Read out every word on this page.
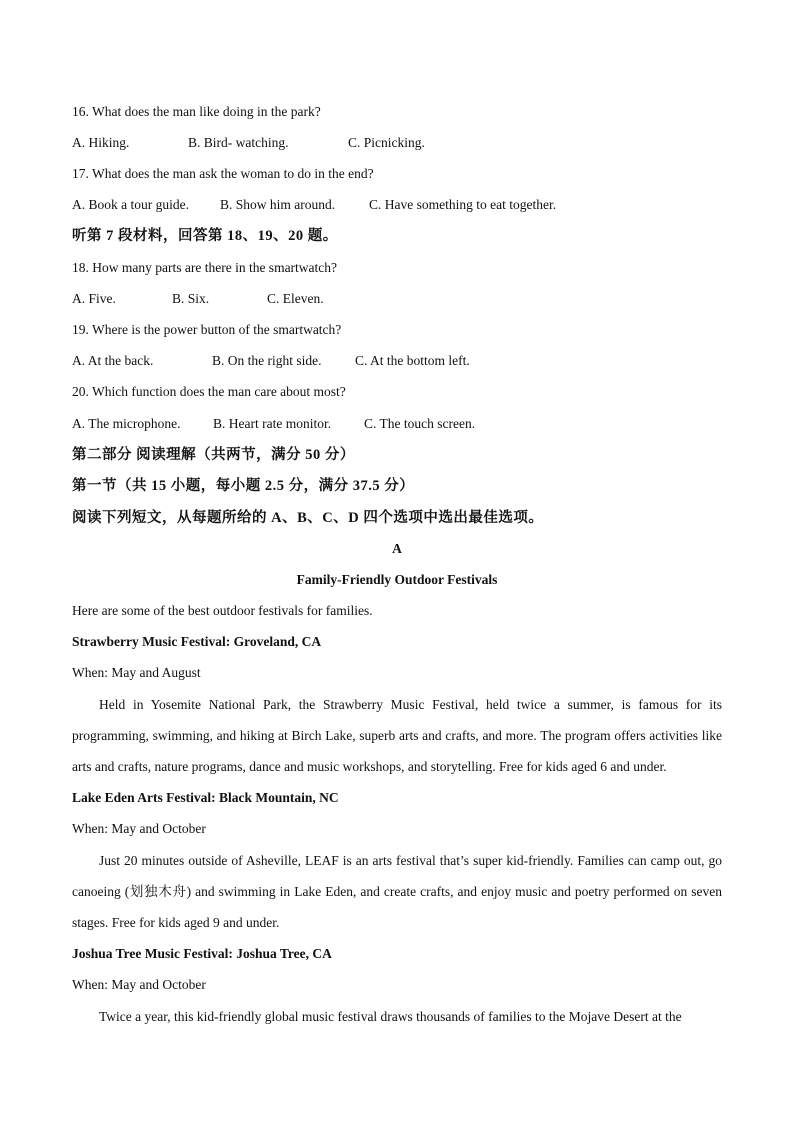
16. What does the man like doing in the park?
A. Hiking.	B. Bird- watching.	C. Picnicking.
17. What does the man ask the woman to do in the end?
A. Book a tour guide. B. Show him around.	C. Have something to eat together.
听第 7 段材料，回答第 18、19、20 题。
18. How many parts are there in the smartwatch?
A. Five.	B. Six.	C. Eleven.
19. Where is the power button of the smartwatch?
A. At the back.	B. On the right side. C. At the bottom left.
20. Which function does the man care about most?
A. The microphone. B. Heart rate monitor. C. The touch screen.
第二部分 阅读理解（共两节，满分 50 分）
第一节（共 15 小题，每小题 2.5 分，满分 37.5 分）
阅读下列短文，从每题所给的 A、B、C、D 四个选项中选出最佳选项。
A
Family-Friendly Outdoor Festivals
Here are some of the best outdoor festivals for families.
Strawberry Music Festival: Groveland, CA
When: May and August
Held in Yosemite National Park, the Strawberry Music Festival, held twice a summer, is famous for its programming, swimming, and hiking at Birch Lake, superb arts and crafts, and more. The program offers activities like arts and crafts, nature programs, dance and music workshops, and storytelling. Free for kids aged 6 and under.
Lake Eden Arts Festival: Black Mountain, NC
When: May and October
Just 20 minutes outside of Asheville, LEAF is an arts festival that’s super kid-friendly. Families can camp out, go canoeing (划独木舟) and swimming in Lake Eden, and create crafts, and enjoy music and poetry performed on seven stages. Free for kids aged 9 and under.
Joshua Tree Music Festival: Joshua Tree, CA
When: May and October
Twice a year, this kid-friendly global music festival draws thousands of families to the Mojave Desert at the
